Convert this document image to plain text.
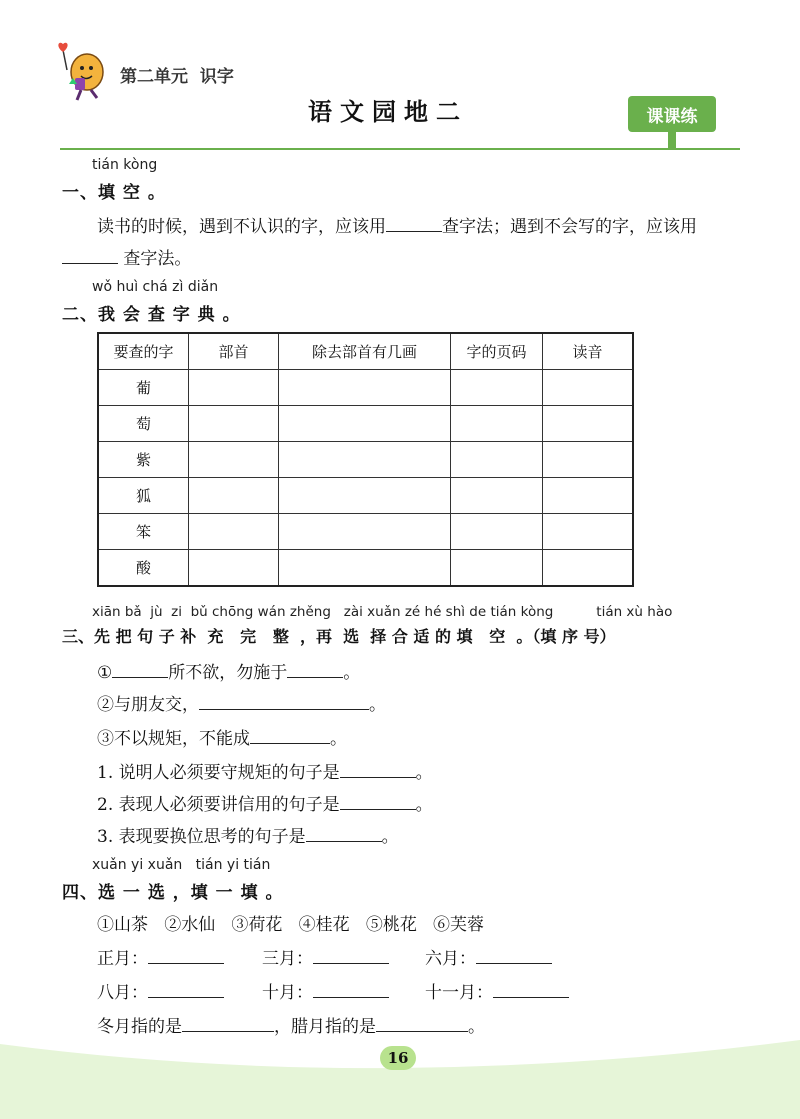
第二单元  识字
语文园地二	课课练
tián kòng
一、填 空 。
读书的时候，遇到不认识的字，应该用	查字法；遇到不会写的字，应该用
查字法。
wǒ huì chá zì diǎn
二、我 会 查 字 典 。
要查的字	部首	除去部首有几画	字的页码	读音
葡				
萄				
紫				
狐				
笨				
酸				
xiān bǎ  jù  zi  bǔ chōng wán zhěng   zài xuǎn zé hé shì de tián kòng          tián xù hào
三、先 把 句 子 补  充   完   整  ，再  选  择 合 适 的 填   空  。（填 序 号）
①	所不欲，勿施于	。
②与朋友交，	。
③不以规矩，不能成	。
1. 说明人必须要守规矩的句子是	。
2. 表现人必须要讲信用的句子是	。
3. 表现要换位思考的句子是	。
xuǎn yi xuǎn   tián yi tián
四、选 一 选 ，填 一 填 。
①山茶   ②水仙   ③荷花   ④桂花   ⑤桃花   ⑥芙蓉
正月：	三月：	六月：
八月：	十月：	十一月：
冬月指的是	，腊月指的是	。
16
